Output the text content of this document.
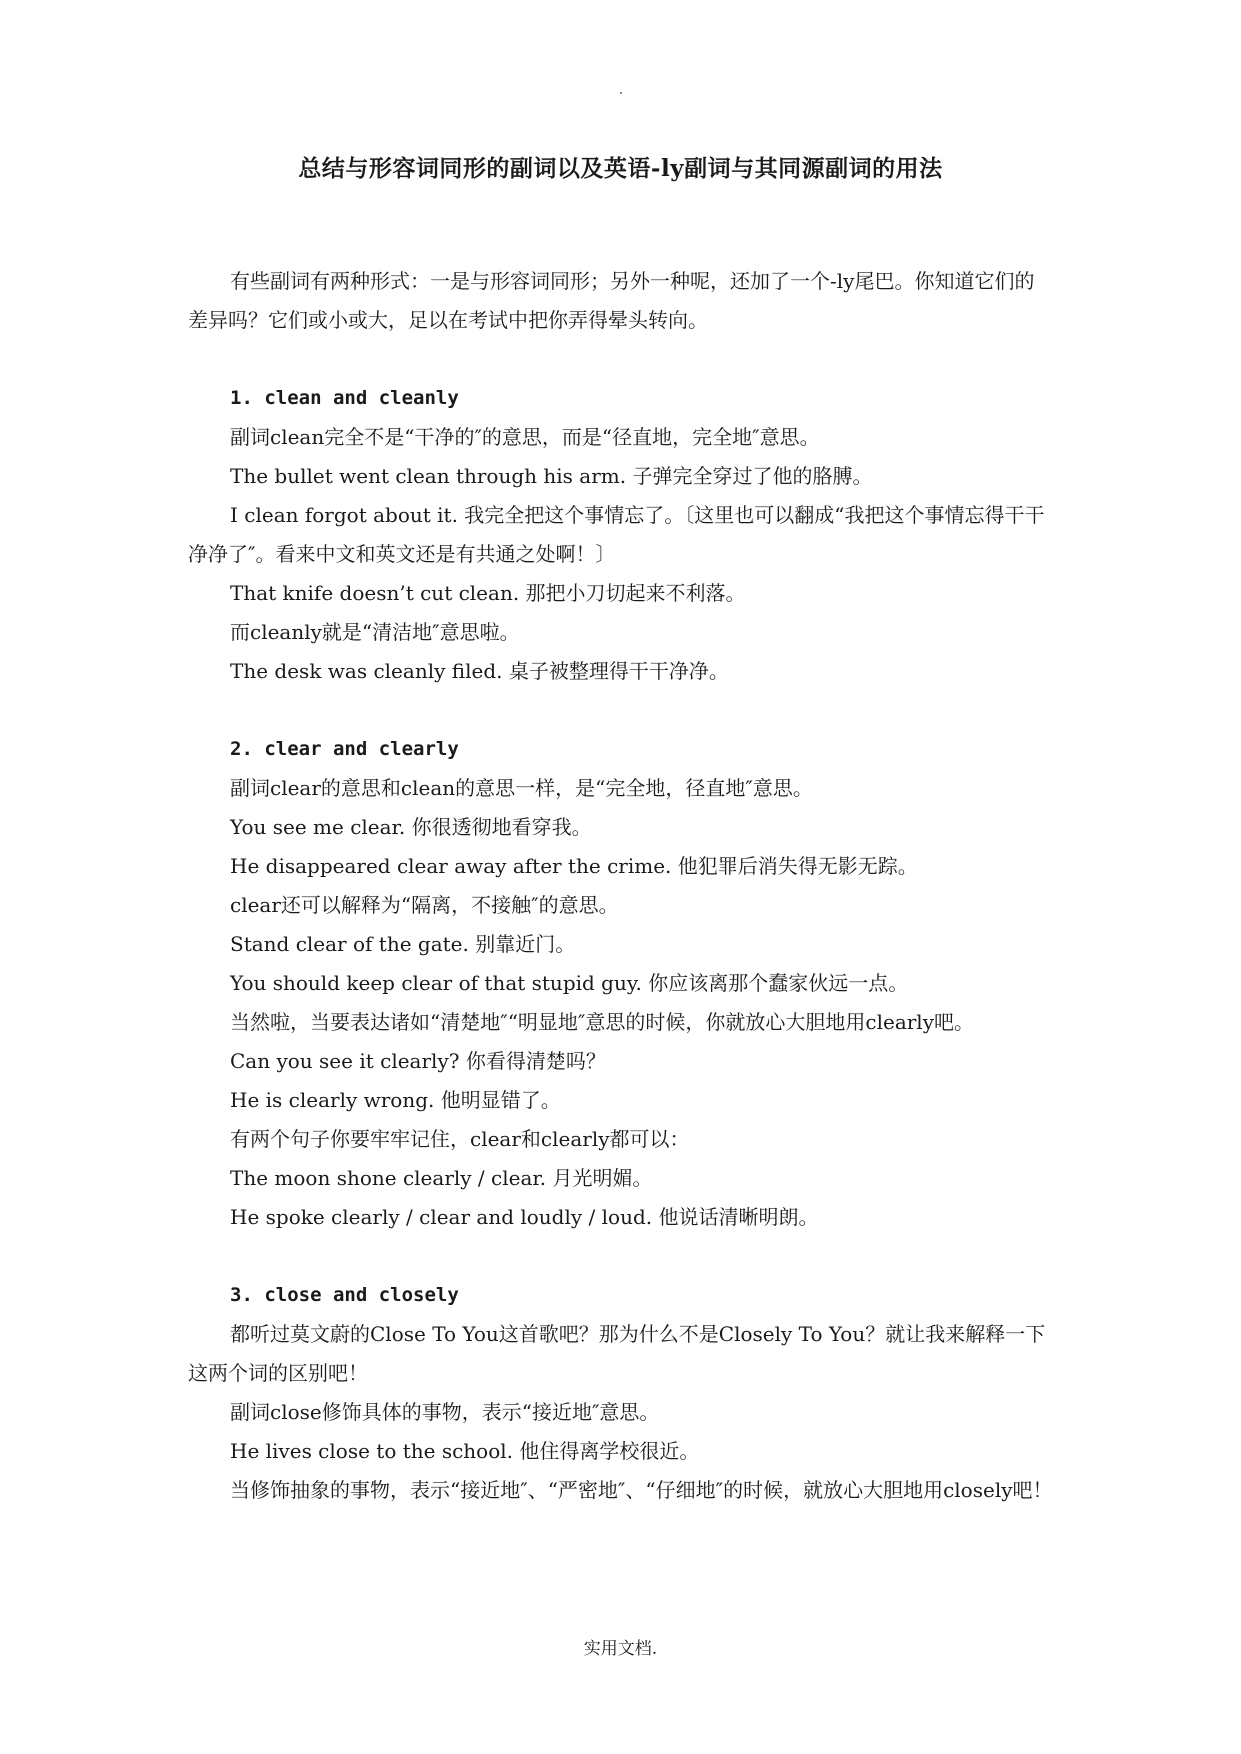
总结与形容词同形的副词以及英语-ly副词与其同源副词的用法

有些副词有两种形式：一是与形容词同形；另外一种呢，还加了一个-ly尾巴。你知道它们的差异吗？它们或小或大，足以在考试中把你弄得晕头转向。

1. clean and cleanly

副词clean完全不是“干净的″的意思，而是“径直地，完全地″意思。

The bullet went clean through his arm. 子弹完全穿过了他的胳膊。

I clean forgot about it. 我完全把这个事情忘了。〔这里也可以翻成“我把这个事情忘得干干净净了″。看来中文和英文还是有共通之处啊！〕

That knife doesn’t cut clean. 那把小刀切起来不利落。

而cleanly就是“清洁地″意思啦。

The desk was cleanly filed. 桌子被整理得干干净净。

2. clear and clearly

副词clear的意思和clean的意思一样，是“完全地，径直地″意思。

You see me clear. 你很透彻地看穿我。

He disappeared clear away after the crime. 他犯罪后消失得无影无踪。

clear还可以解释为“隔离，不接触″的意思。

Stand clear of the gate. 别靠近门。

You should keep clear of that stupid guy. 你应该离那个蠢家伙远一点。

当然啦，当要表达诸如“清楚地″“明显地″意思的时候，你就放心大胆地用clearly吧。

Can you see it clearly? 你看得清楚吗？

He is clearly wrong. 他明显错了。

有两个句子你要牢牢记住，clear和clearly都可以：

The moon shone clearly / clear. 月光明媚。

He spoke clearly / clear and loudly / loud. 他说话清晰明朗。

3. close and closely

都听过莫文蔚的Close To You这首歌吧？那为什么不是Closely To You？就让我来解释一下这两个词的区别吧！

副词close修饰具体的事物，表示“接近地″意思。

He lives close to the school. 他住得离学校很近。

当修饰抽象的事物，表示“接近地″、“严密地″、“仔细地″的时候，就放心大胆地用closely吧！

实用文档.
